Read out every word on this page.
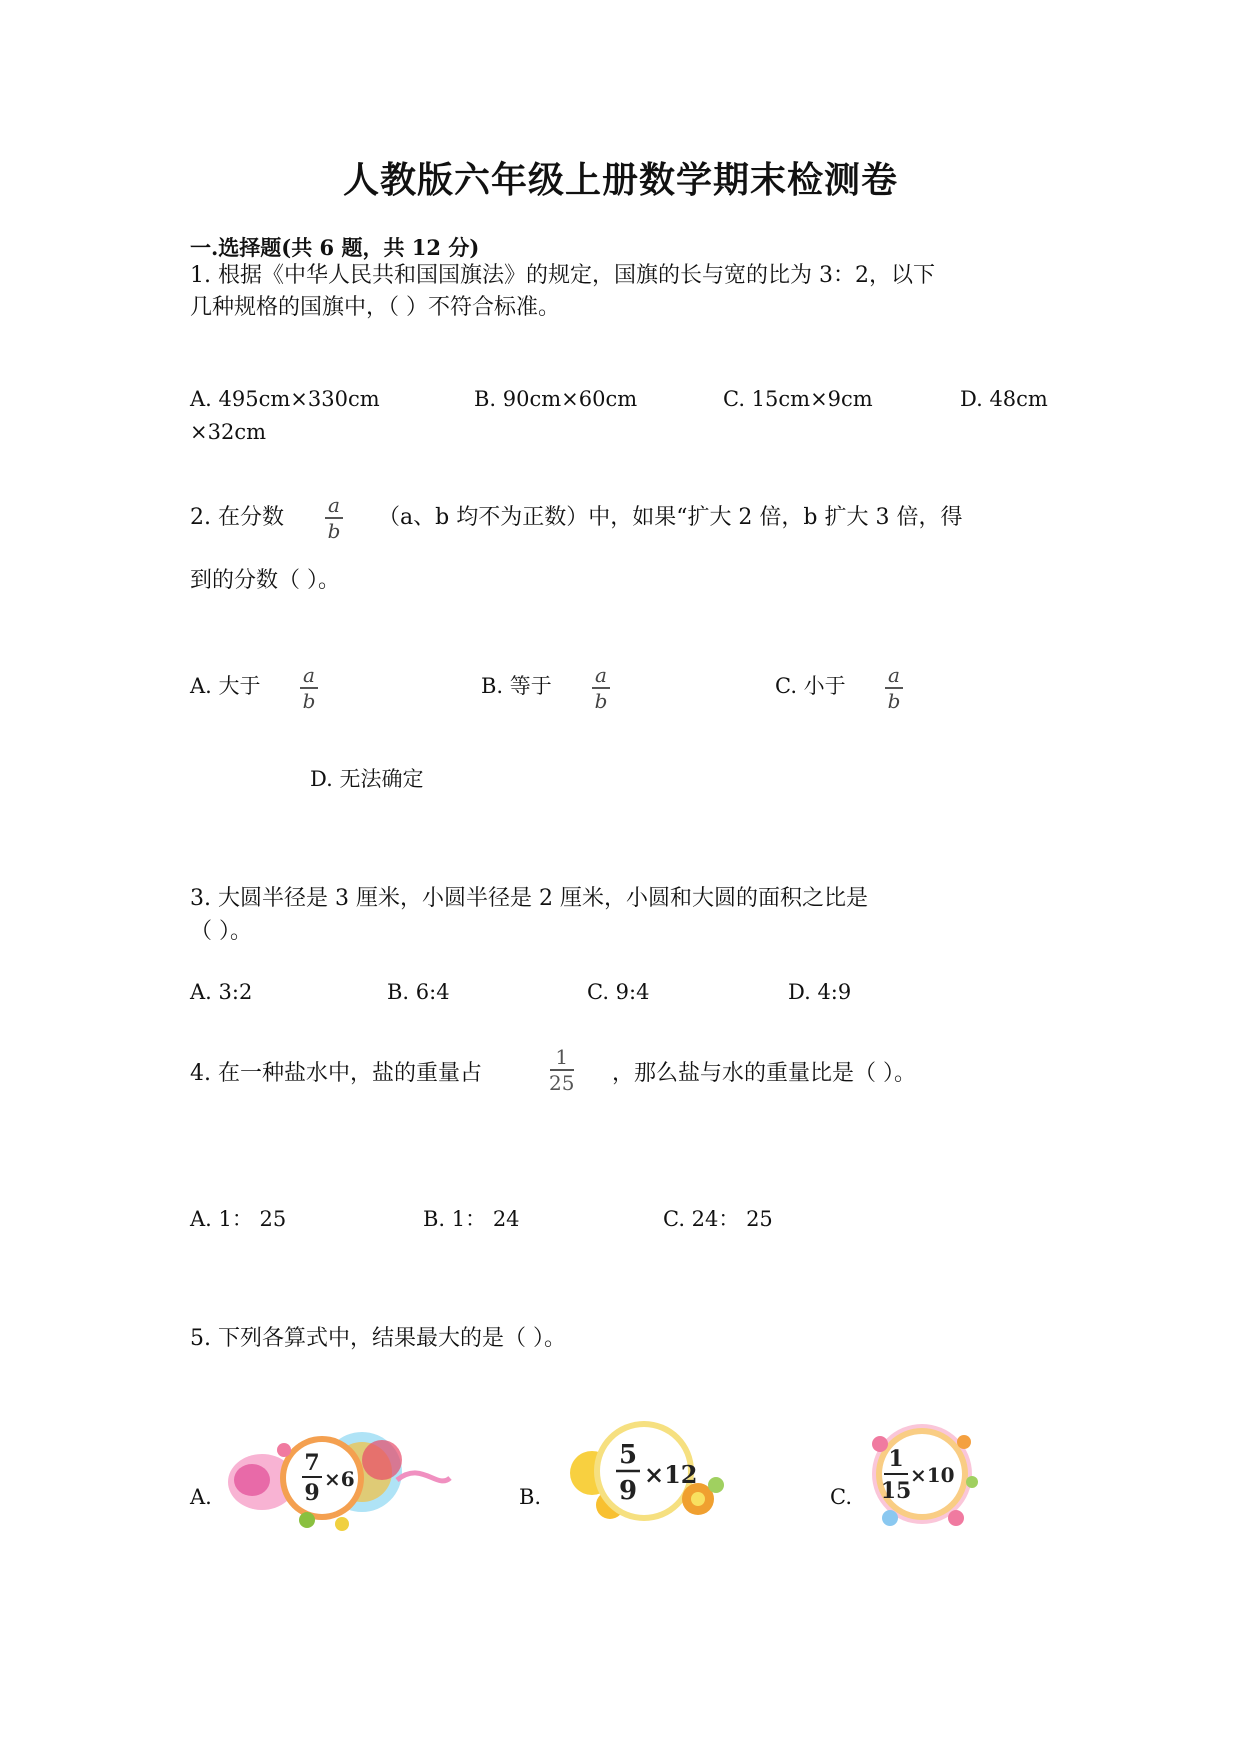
人教版六年级上册数学期末检测卷
一.选择题(共 6 题，共 12 分)
1. 根据《中华人民共和国国旗法》的规定，国旗的长与宽的比为 3：2，以下
几种规格的国旗中，（ ）不符合标准。
A. 495cm×330cm	B. 90cm×60cm	C. 15cm×9cm	D. 48cm
×32cm
2. 在分数 a
b
（a、b 均不为正数）中，如果“扩大 2 倍，b 扩大 3 倍，得
到的分数（ ）。
A. 大于 a
b
B. 等于 a
b
C. 小于 a
b
D. 无法确定
3. 大圆半径是 3 厘米，小圆半径是 2 厘米，小圆和大圆的面积之比是
（ ）。
A. 3:2	B. 6:4	C. 9:4	D. 4:9
4. 在一种盐水中，盐的重量占
1
25 ，那么盐与水的重量比是（ ）。
A. 1： 25	B. 1： 24	C. 24： 25
5. 下列各算式中，结果最大的是（ ）。
A.
7
9
×6
B.
5
9
×12
C.
1
15
×10
